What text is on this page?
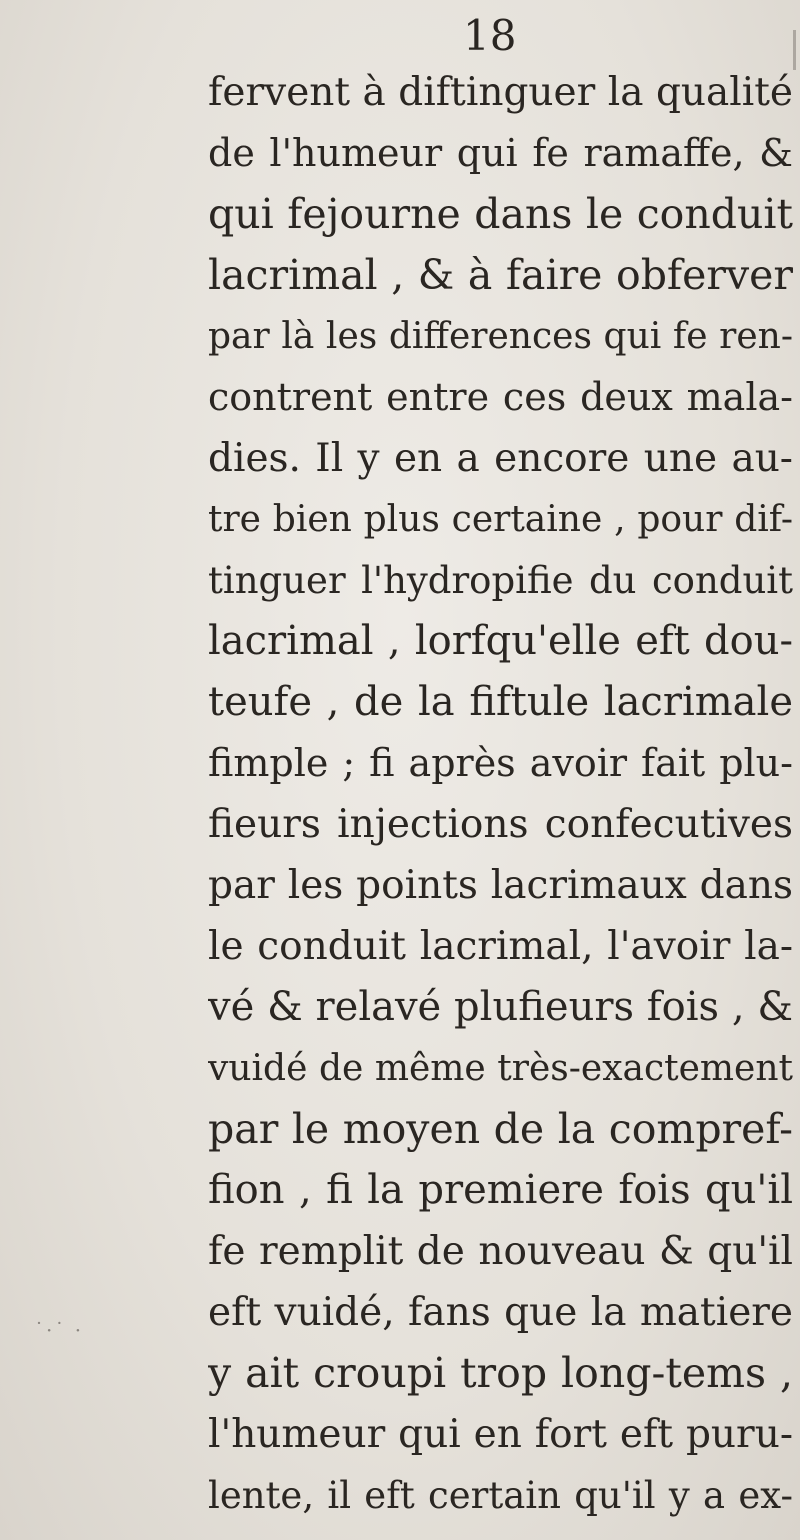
18
fervent à diftinguer la qualité
de l'humeur qui fe ramaffe, &
qui fejourne dans le conduit
lacrimal , & à faire obferver
par là les differences qui fe ren-
contrent entre ces deux mala-
dies. Il y en a encore une au-
tre bien plus certaine , pour dif-
tinguer l'hydropifie du conduit
lacrimal , lorfqu'elle eft dou-
teufe , de la fiftule lacrimale
fimple ; fi après avoir fait plu-
fieurs injections confecutives
par les points lacrimaux dans
le conduit lacrimal, l'avoir la-
vé & relavé plufieurs fois , &
vuidé de même très-exactement
par le moyen de la compref-
fion , fi la premiere fois qu'il
fe remplit de nouveau & qu'il
eft vuidé, fans que la matiere
y ait croupi trop long-tems ,
l'humeur qui en fort eft puru-
lente, il eft certain qu'il y a ex-
˙·˙ ·
